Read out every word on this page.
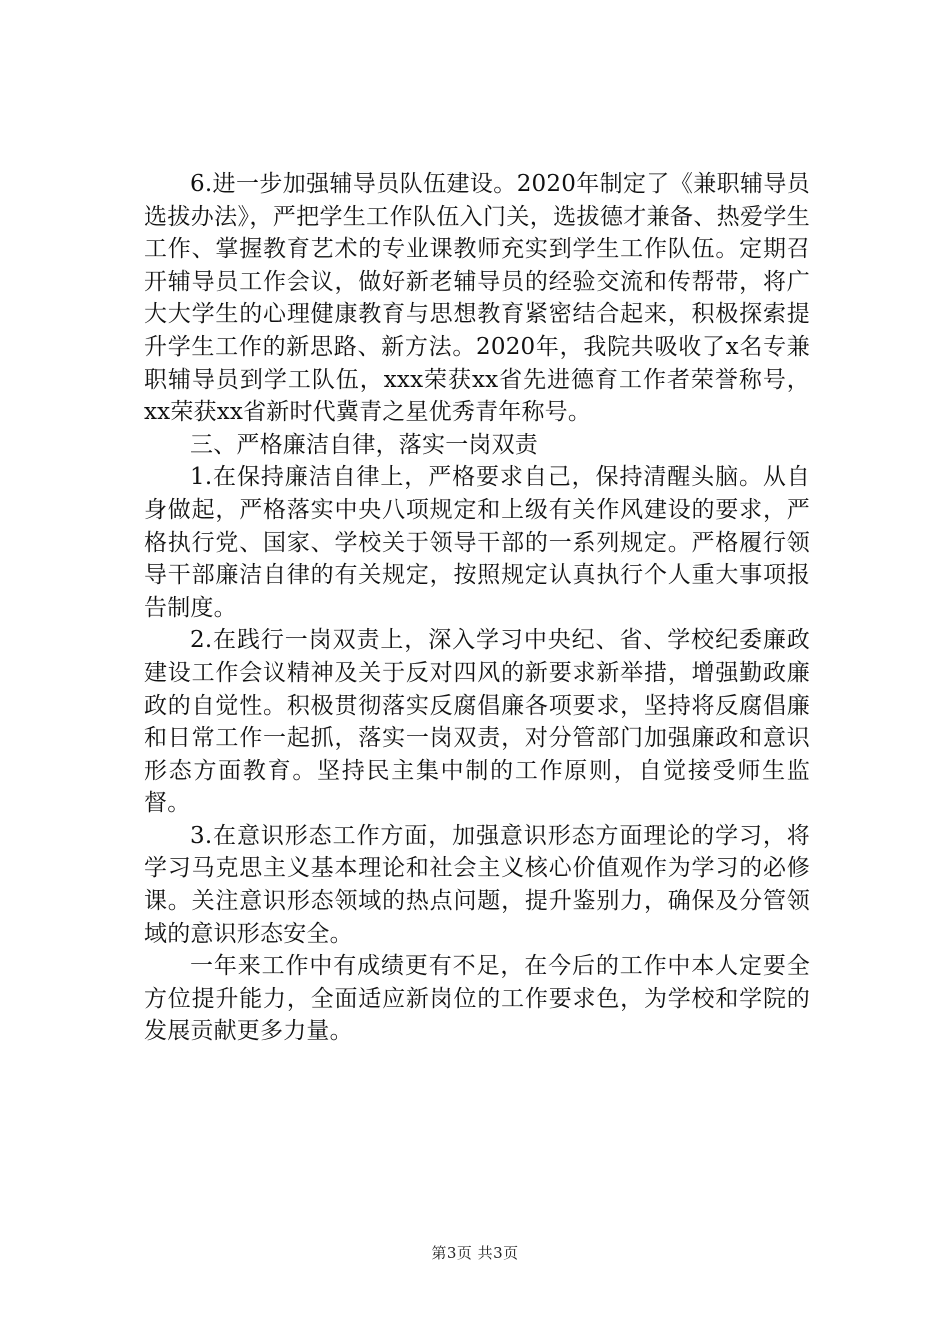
6.进一步加强辅导员队伍建设。2020年制定了《兼职辅导员选拔办法》，严把学生工作队伍入门关，选拔德才兼备、热爱学生工作、掌握教育艺术的专业课教师充实到学生工作队伍。定期召开辅导员工作会议，做好新老辅导员的经验交流和传帮带，将广大大学生的心理健康教育与思想教育紧密结合起来，积极探索提升学生工作的新思路、新方法。2020年，我院共吸收了x名专兼职辅导员到学工队伍，xxx荣获xx省先进德育工作者荣誉称号，xx荣获xx省新时代冀青之星优秀青年称号。

三、严格廉洁自律，落实一岗双责

1.在保持廉洁自律上，严格要求自己，保持清醒头脑。从自身做起，严格落实中央八项规定和上级有关作风建设的要求，严格执行党、国家、学校关于领导干部的一系列规定。严格履行领导干部廉洁自律的有关规定，按照规定认真执行个人重大事项报告制度。

2.在践行一岗双责上，深入学习中央纪、省、学校纪委廉政建设工作会议精神及关于反对四风的新要求新举措，增强勤政廉政的自觉性。积极贯彻落实反腐倡廉各项要求，坚持将反腐倡廉和日常工作一起抓，落实一岗双责，对分管部门加强廉政和意识形态方面教育。坚持民主集中制的工作原则，自觉接受师生监督。

3.在意识形态工作方面，加强意识形态方面理论的学习，将学习马克思主义基本理论和社会主义核心价值观作为学习的必修课。关注意识形态领域的热点问题，提升鉴别力，确保及分管领域的意识形态安全。

一年来工作中有成绩更有不足，在今后的工作中本人定要全方位提升能力，全面适应新岗位的工作要求色，为学校和学院的发展贡献更多力量。

第3页 共3页
